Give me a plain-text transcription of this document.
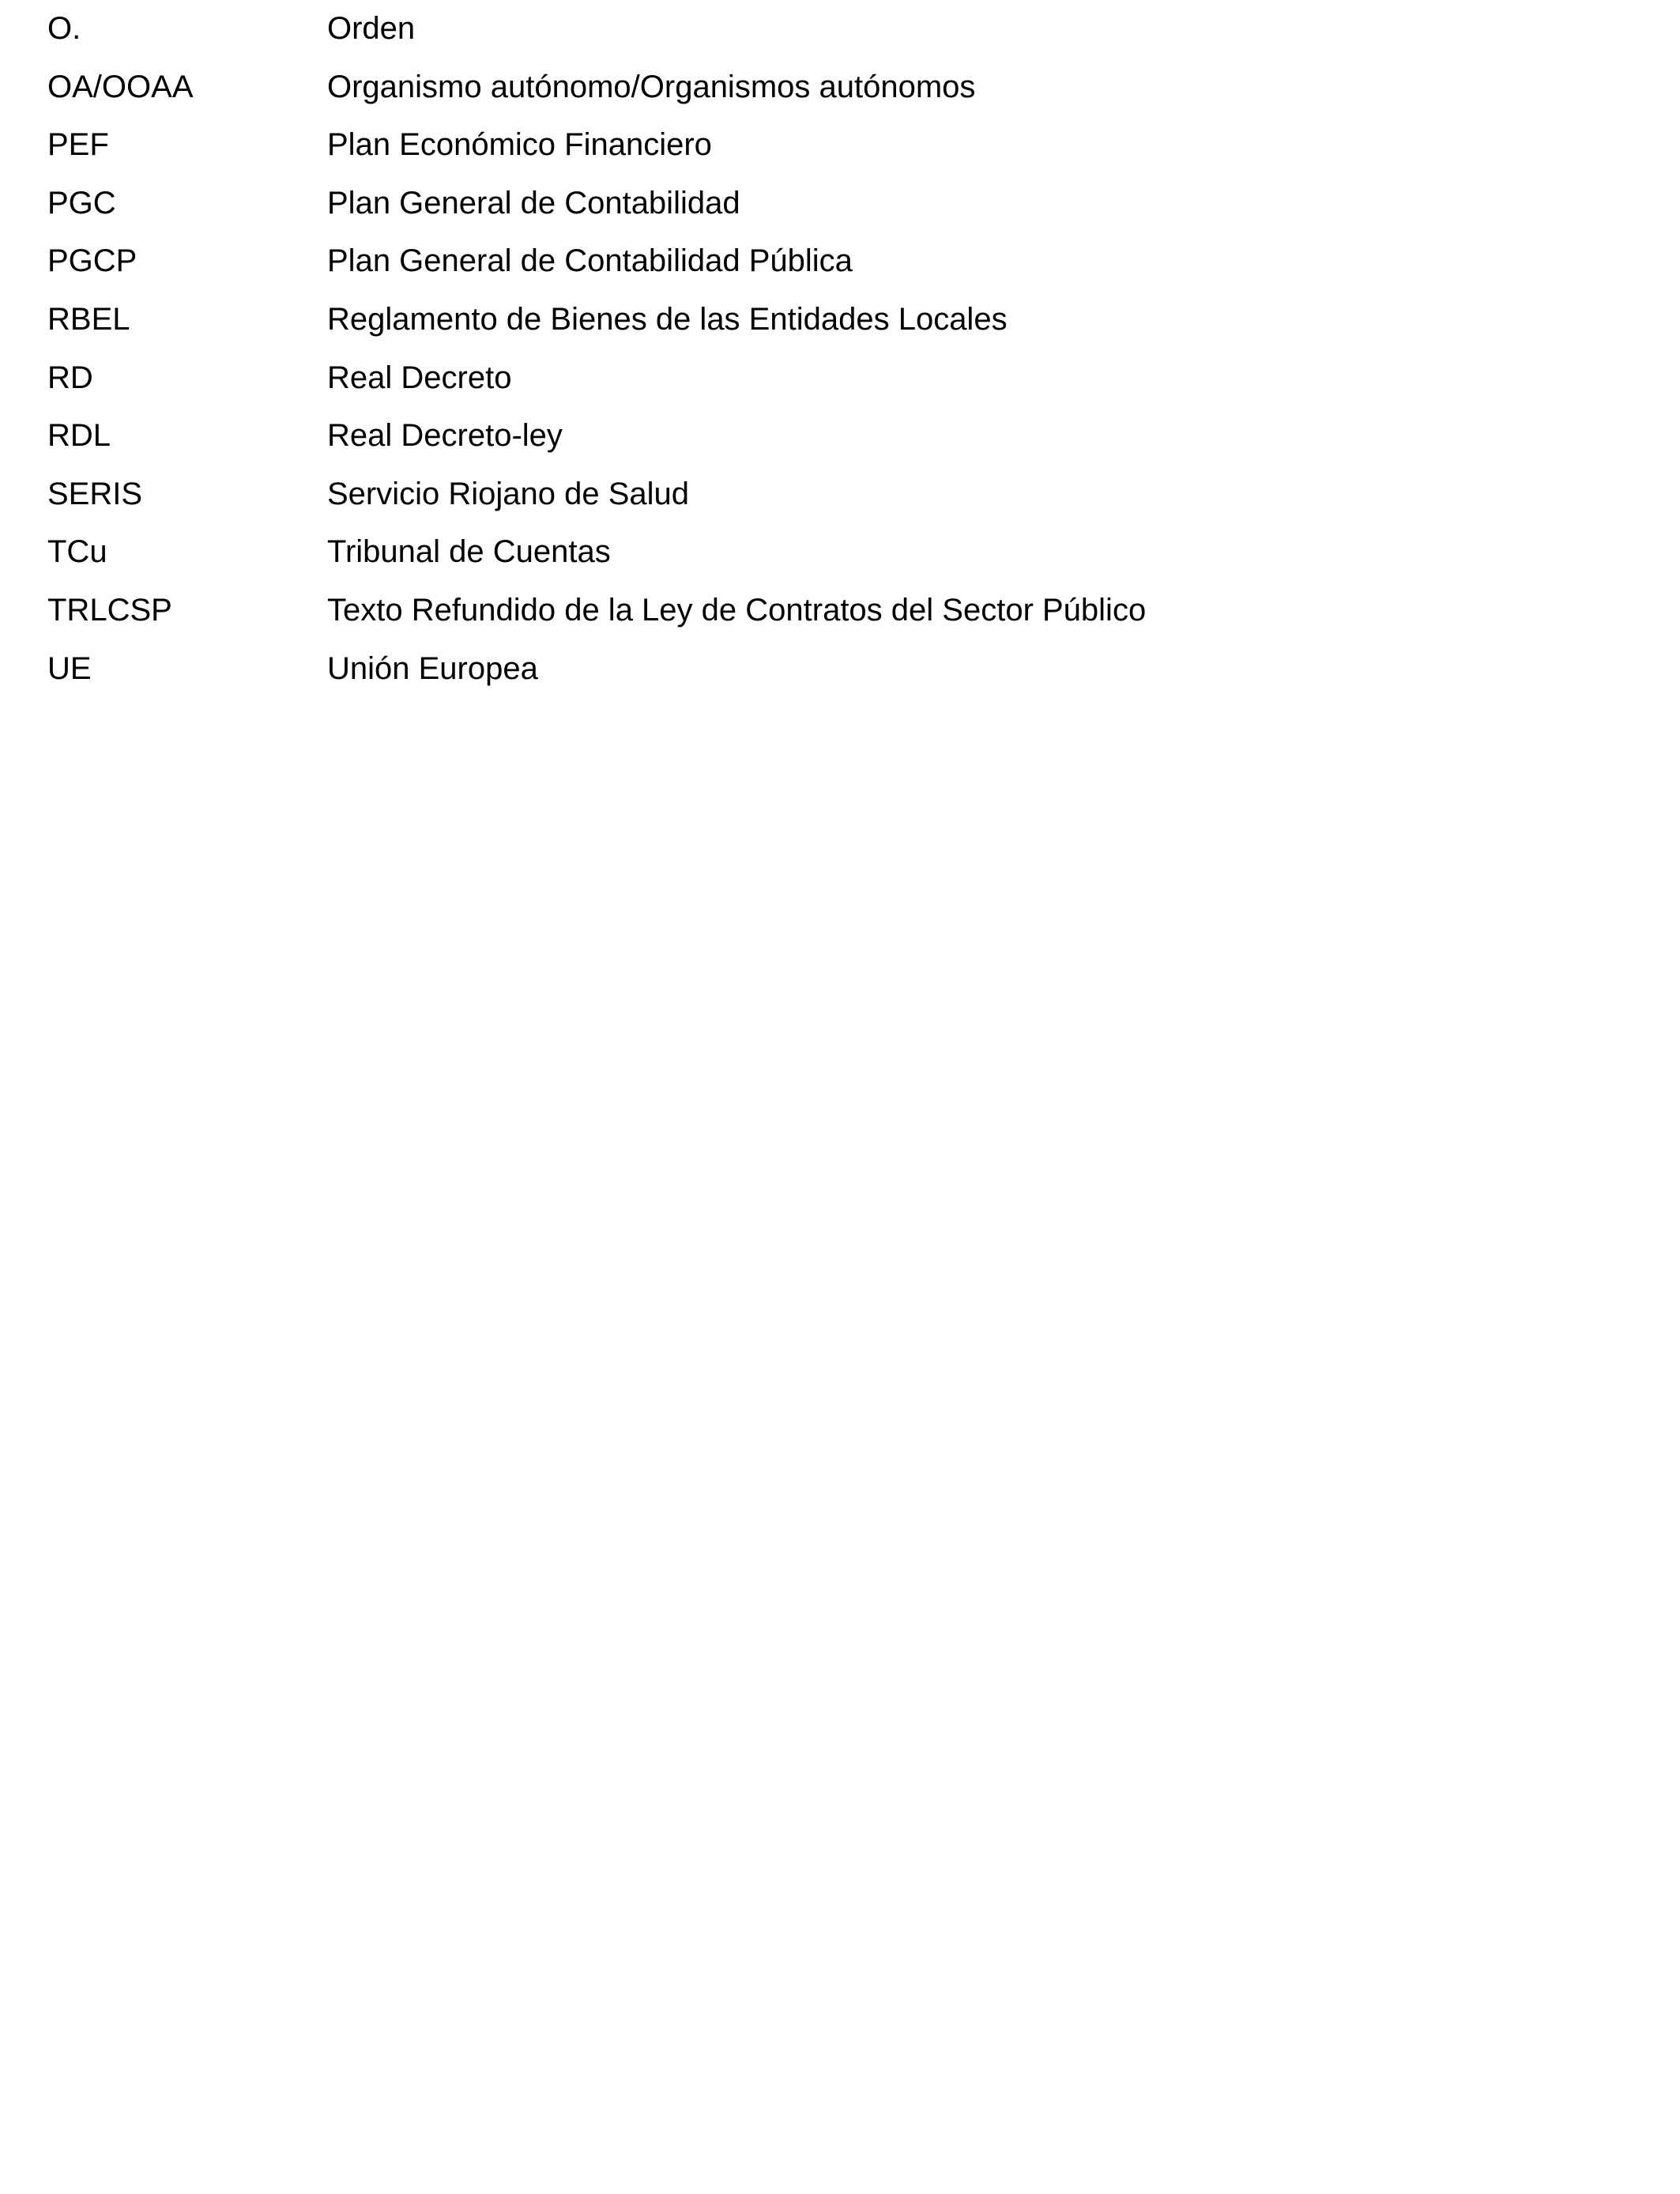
O.	Orden
OA/OOAA	Organismo autónomo/Organismos autónomos
PEF	Plan Económico Financiero
PGC	Plan General de Contabilidad
PGCP	Plan General de Contabilidad Pública
RBEL	Reglamento de Bienes de las Entidades Locales
RD	Real Decreto
RDL	Real Decreto-ley
SERIS	Servicio Riojano de Salud
TCu	Tribunal de Cuentas
TRLCSP	Texto Refundido de la Ley de Contratos del Sector Público
UE	Unión Europea
